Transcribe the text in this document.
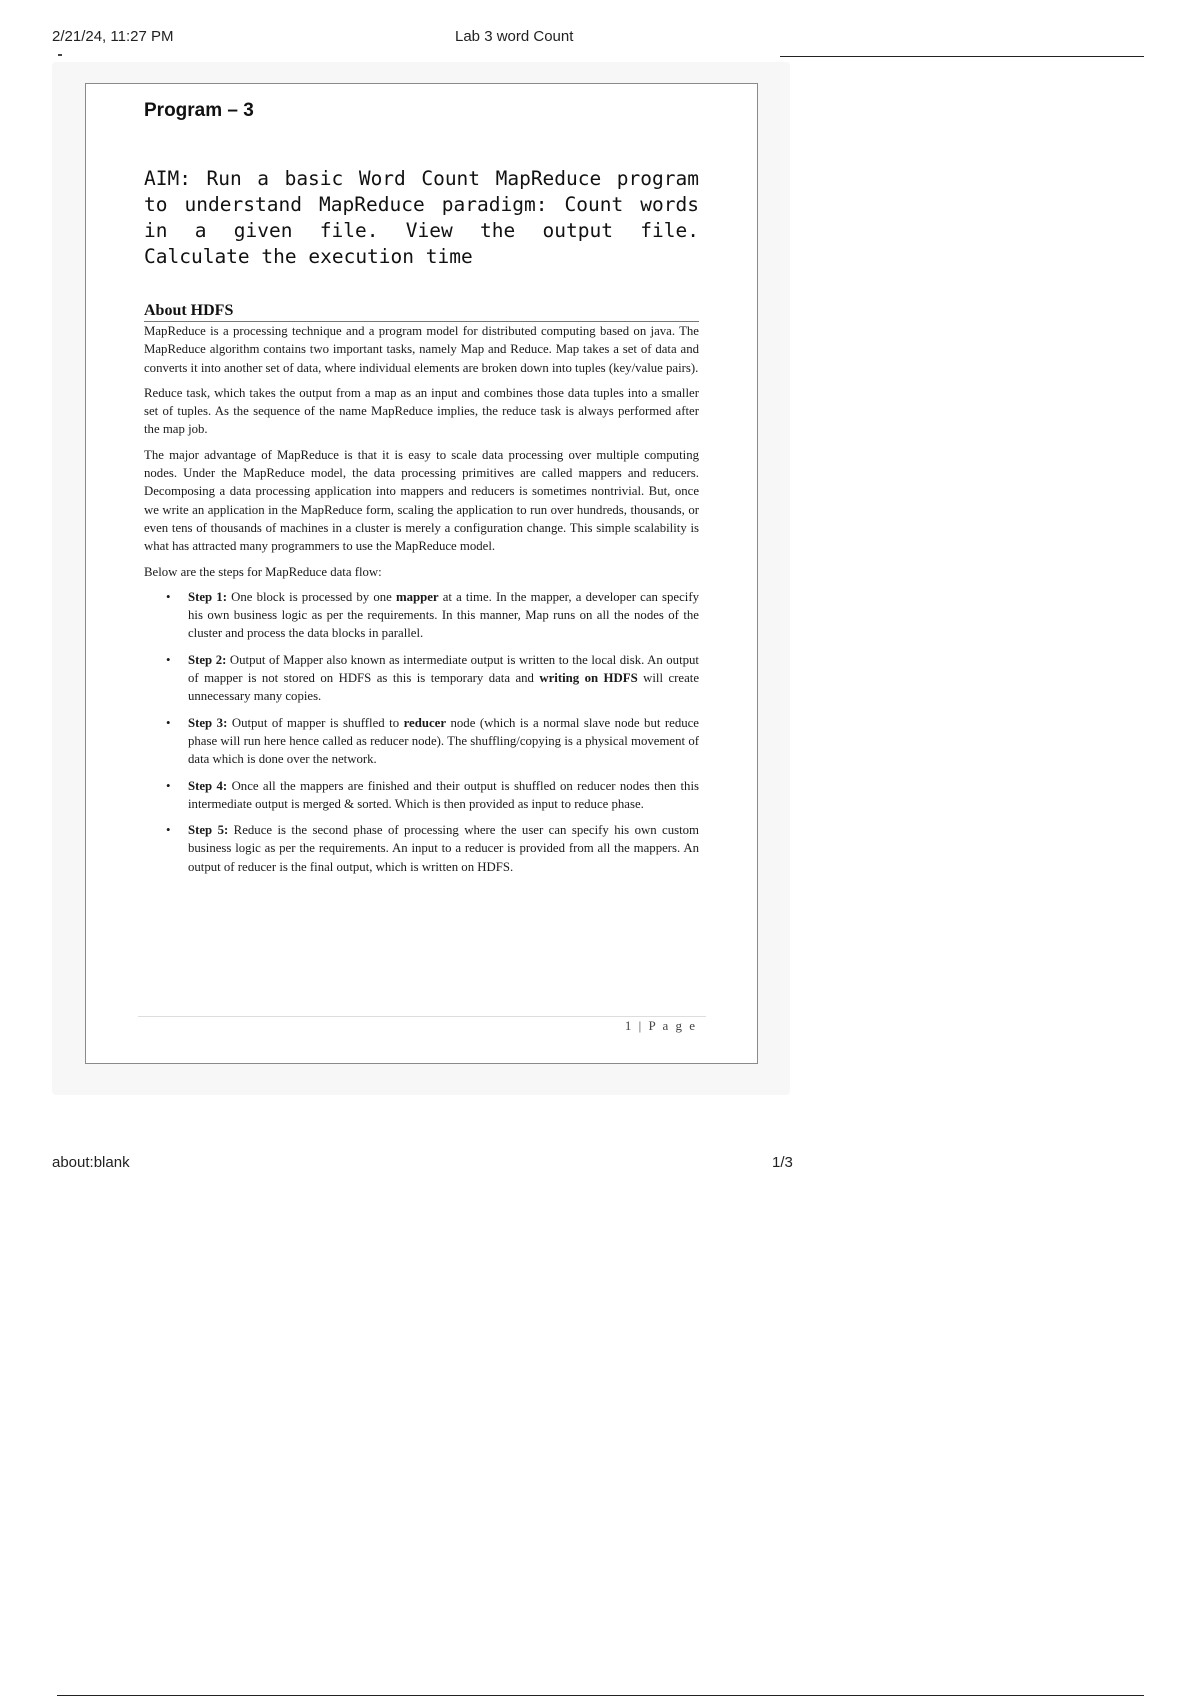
2/21/24, 11:27 PM	Lab 3 word Count
Program – 3

AIM: Run a basic Word Count MapReduce program to understand MapReduce paradigm: Count words in a given file. View the output file. Calculate the execution time

About HDFS

MapReduce is a processing technique and a program model for distributed computing based on java. The MapReduce algorithm contains two important tasks, namely Map and Reduce. Map takes a set of data and converts it into another set of data, where individual elements are broken down into tuples (key/value pairs).

Reduce task, which takes the output from a map as an input and combines those data tuples into a smaller set of tuples. As the sequence of the name MapReduce implies, the reduce task is always performed after the map job.

The major advantage of MapReduce is that it is easy to scale data processing over multiple computing nodes. Under the MapReduce model, the data processing primitives are called mappers and reducers. Decomposing a data processing application into mappers and reducers is sometimes nontrivial. But, once we write an application in the MapReduce form, scaling the application to run over hundreds, thousands, or even tens of thousands of machines in a cluster is merely a configuration change. This simple scalability is what has attracted many programmers to use the MapReduce model.

Below are the steps for MapReduce data flow:

• Step 1: One block is processed by one mapper at a time. In the mapper, a developer can specify his own business logic as per the requirements. In this manner, Map runs on all the nodes of the cluster and process the data blocks in parallel.
• Step 2: Output of Mapper also known as intermediate output is written to the local disk. An output of mapper is not stored on HDFS as this is temporary data and writing on HDFS will create unnecessary many copies.
• Step 3: Output of mapper is shuffled to reducer node (which is a normal slave node but reduce phase will run here hence called as reducer node). The shuffling/copying is a physical movement of data which is done over the network.
• Step 4: Once all the mappers are finished and their output is shuffled on reducer nodes then this intermediate output is merged & sorted. Which is then provided as input to reduce phase.
• Step 5: Reduce is the second phase of processing where the user can specify his own custom business logic as per the requirements. An input to a reducer is provided from all the mappers. An output of reducer is the final output, which is written on HDFS.
1 | P a g e
about:blank	1/3
